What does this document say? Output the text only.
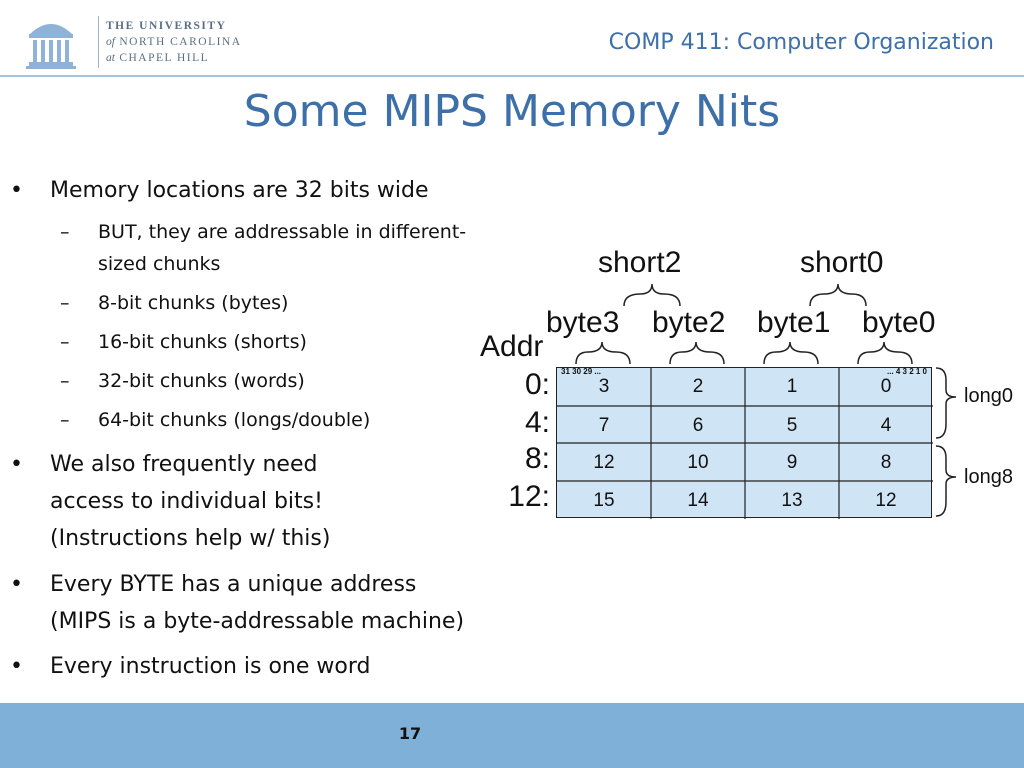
THE UNIVERSITY
of NORTH CAROLINA
at CHAPEL HILL
COMP 411: Computer Organization
Some MIPS Memory Nits
• Memory locations are 32 bits wide
– BUT, they are addressable in different-
sized chunks
– 8-bit chunks (bytes)
– 16-bit chunks (shorts)
– 32-bit chunks (words)
– 64-bit chunks (longs/double)
• We also frequently need
access to individual bits!
(Instructions help w/ this)
• Every BYTE has a unique address
(MIPS is a byte-addressable machine)
• Every instruction is one word
short2	short0
byte3 byte2 byte1 byte0
Addr
0:
4:
8:
12:
31 30 29 ...	... 4 3 2 1 0
3	2	1	0
7	6	5	4
12	10	9	8
15	14	13	12
long0
long8
17
